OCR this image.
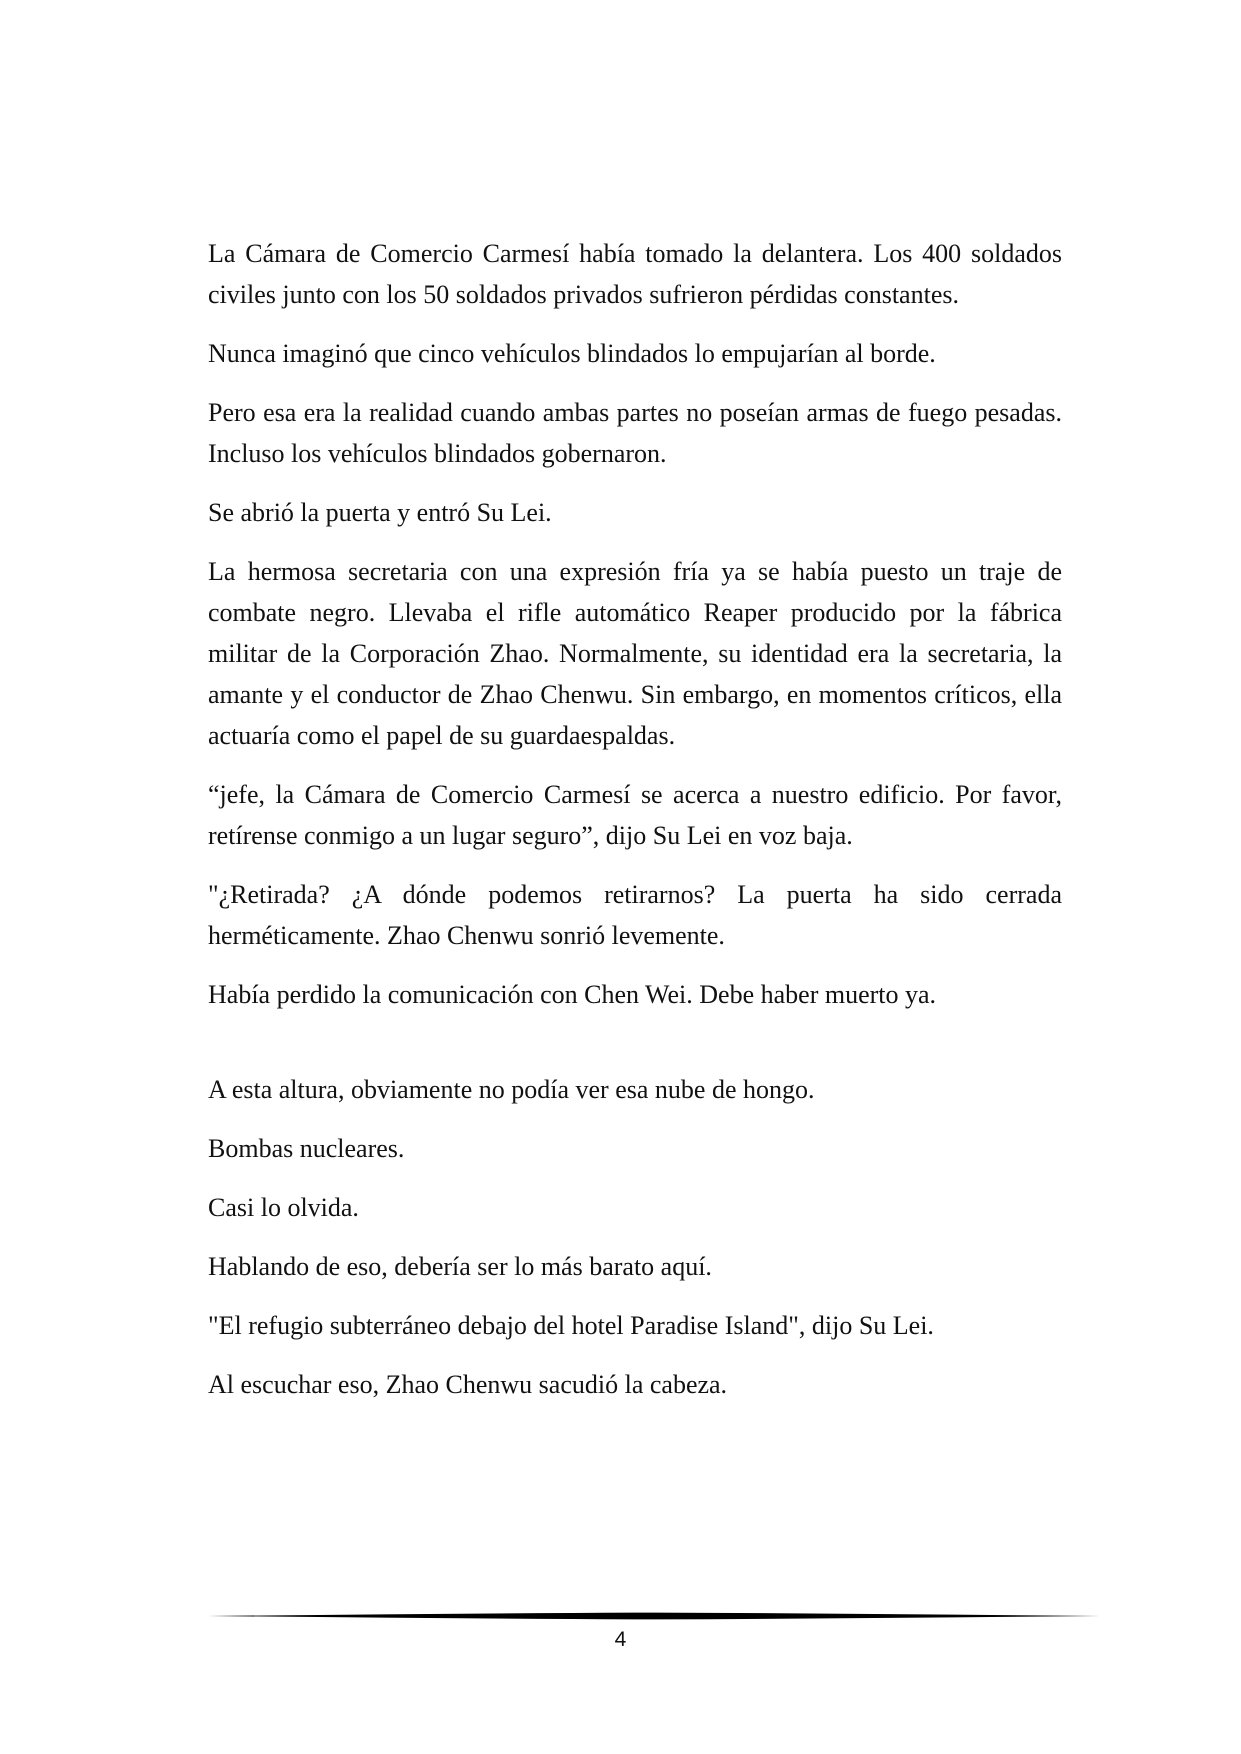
La Cámara de Comercio Carmesí había tomado la delantera. Los 400 soldados civiles junto con los 50 soldados privados sufrieron pérdidas constantes.

Nunca imaginó que cinco vehículos blindados lo empujarían al borde.

Pero esa era la realidad cuando ambas partes no poseían armas de fuego pesadas. Incluso los vehículos blindados gobernaron.

Se abrió la puerta y entró Su Lei.

La hermosa secretaria con una expresión fría ya se había puesto un traje de combate negro. Llevaba el rifle automático Reaper producido por la fábrica militar de la Corporación Zhao. Normalmente, su identidad era la secretaria, la amante y el conductor de Zhao Chenwu. Sin embargo, en momentos críticos, ella actuaría como el papel de su guardaespaldas.

“jefe, la Cámara de Comercio Carmesí se acerca a nuestro edificio. Por favor, retírense conmigo a un lugar seguro”, dijo Su Lei en voz baja.

"¿Retirada? ¿A dónde podemos retirarnos? La puerta ha sido cerrada herméticamente. Zhao Chenwu sonrió levemente.

Había perdido la comunicación con Chen Wei. Debe haber muerto ya.

A esta altura, obviamente no podía ver esa nube de hongo.

Bombas nucleares.

Casi lo olvida.

Hablando de eso, debería ser lo más barato aquí.

"El refugio subterráneo debajo del hotel Paradise Island", dijo Su Lei.

Al escuchar eso, Zhao Chenwu sacudió la cabeza.

4
